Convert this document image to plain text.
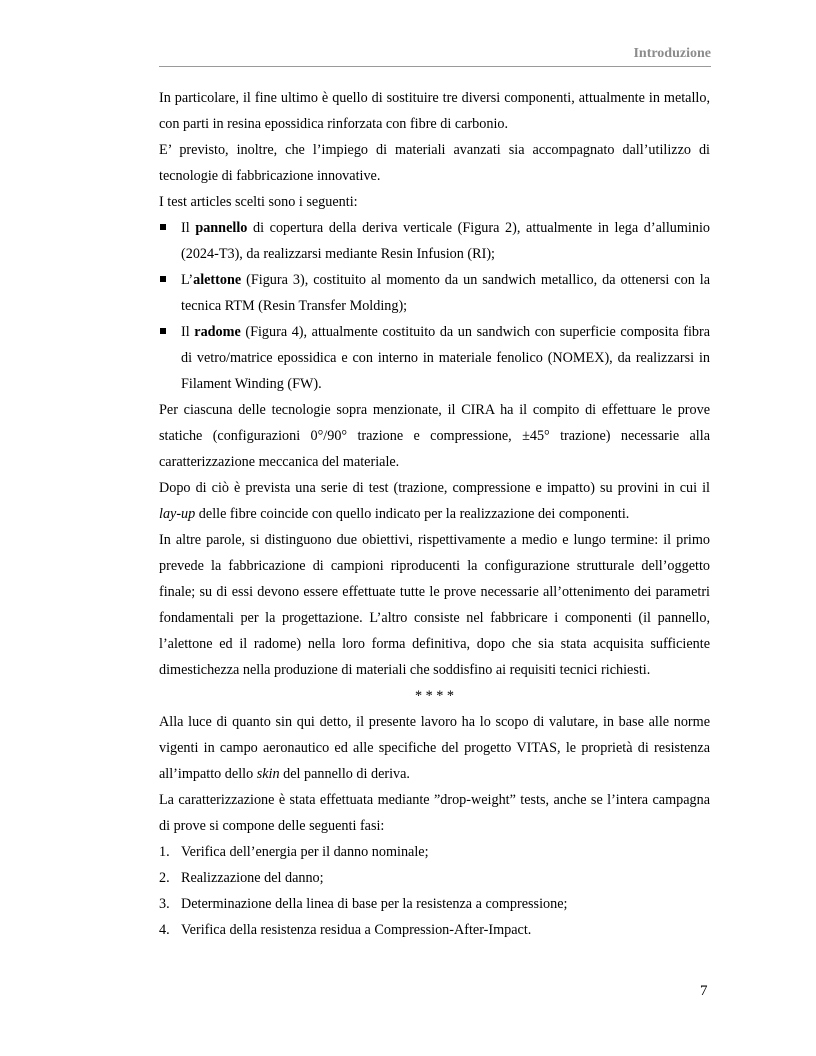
Introduzione

In particolare, il fine ultimo è quello di sostituire tre diversi componenti, attualmente in metallo, con parti in resina epossidica rinforzata con fibre di carbonio.

E’ previsto, inoltre, che l’impiego di materiali avanzati sia accompagnato dall’utilizzo di tecnologie di fabbricazione innovative.

I test articles scelti sono i seguenti:

Il pannello di copertura della deriva verticale (Figura 2), attualmente in lega d’alluminio (2024-T3), da realizzarsi mediante Resin Infusion (RI);
L’alettone (Figura 3), costituito al momento da un sandwich metallico, da ottenersi con la tecnica RTM (Resin Transfer Molding);
Il radome (Figura 4), attualmente costituito da un sandwich con superficie composita fibra di vetro/matrice epossidica e con interno in materiale fenolico (NOMEX), da realizzarsi in Filament Winding (FW).

Per ciascuna delle tecnologie sopra menzionate, il CIRA ha il compito di effettuare le prove statiche (configurazioni 0°/90° trazione e compressione, ±45° trazione) necessarie alla caratterizzazione meccanica del materiale.

Dopo di ciò è prevista una serie di test (trazione, compressione e impatto) su provini in cui il lay-up delle fibre coincide con quello indicato per la realizzazione dei componenti.

In altre parole, si distinguono due obiettivi, rispettivamente a medio e lungo termine: il primo prevede la fabbricazione di campioni riproducenti la configurazione strutturale dell’oggetto finale; su di essi devono essere effettuate tutte le prove necessarie all’ottenimento dei parametri fondamentali per la progettazione. L’altro consiste nel fabbricare i componenti (il pannello, l’alettone ed il radome) nella loro forma definitiva, dopo che sia stata acquisita sufficiente dimestichezza nella produzione di materiali che soddisfino ai requisiti tecnici richiesti.

* * * *

Alla luce di quanto sin qui detto, il presente lavoro ha lo scopo di valutare, in base alle norme vigenti in campo aeronautico ed alle specifiche del progetto VITAS, le proprietà di resistenza all’impatto dello skin del pannello di deriva.

La caratterizzazione è stata effettuata mediante ”drop-weight” tests, anche se l’intera campagna di prove si compone delle seguenti fasi:

1. Verifica dell’energia per il danno nominale;
2. Realizzazione del danno;
3. Determinazione della linea di base per la resistenza a compressione;
4. Verifica della resistenza residua a Compression-After-Impact.
7
